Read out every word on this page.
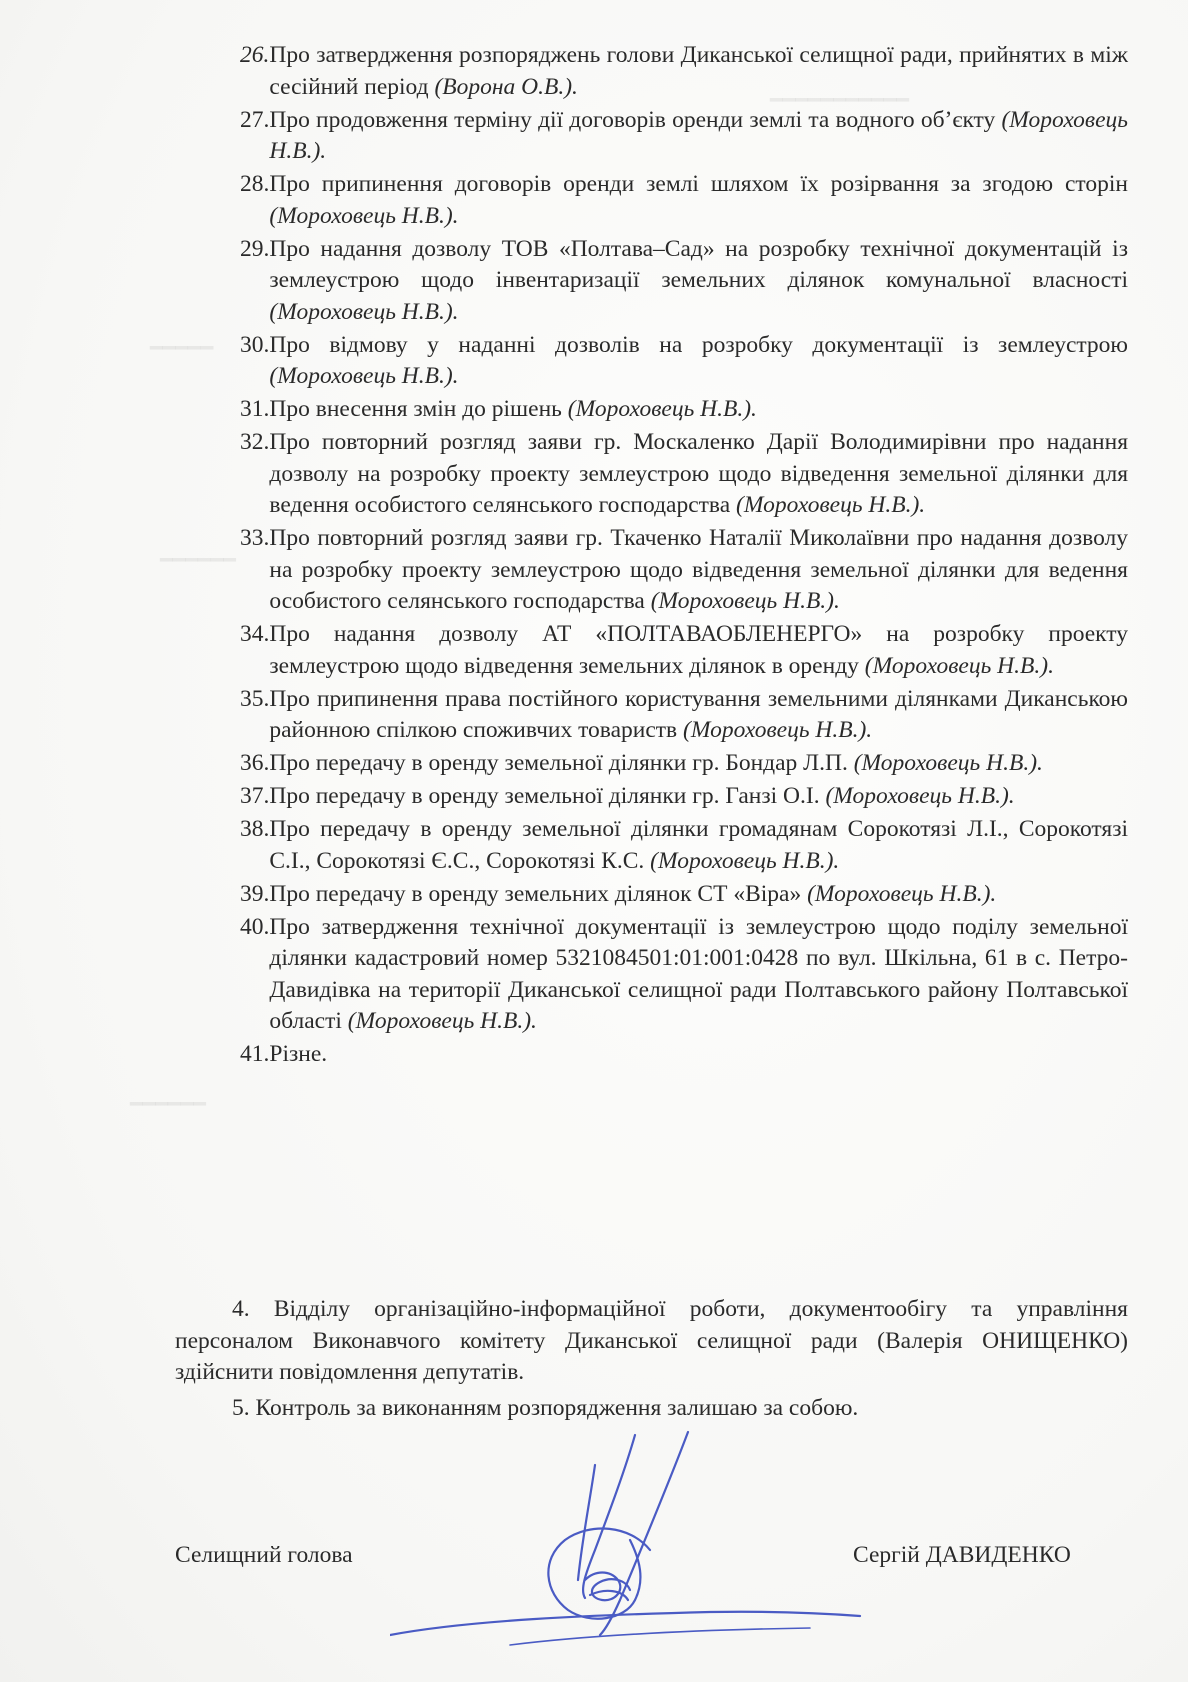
━━━━━━━━━━━
━━━━━
━━━━━━
━━━━━━
26. Про затвердження розпоряджень голови Диканської селищної ради, прийнятих в між сесійний період (Ворона О.В.).
27. Про продовження терміну дії договорів оренди землі та водного об’єкту (Мороховець Н.В.).
28. Про припинення договорів оренди землі шляхом їх розірвання за згодою сторін (Мороховець Н.В.).
29. Про надання дозволу ТОВ «Полтава–Сад» на розробку технічної документацій із землеустрою щодо інвентаризації земельних ділянок комунальної власності (Мороховець Н.В.).
30. Про відмову у наданні дозволів на розробку документації із землеустрою (Мороховець Н.В.).
31. Про внесення змін до рішень (Мороховець Н.В.).
32. Про повторний розгляд заяви гр. Москаленко Дарії Володимирівни про надання дозволу на розробку проекту землеустрою щодо відведення земельної ділянки для ведення особистого селянського господарства (Мороховець Н.В.).
33. Про повторний розгляд заяви гр. Ткаченко Наталії Миколаївни про надання дозволу на розробку проекту землеустрою щодо відведення земельної ділянки для ведення особистого селянського господарства (Мороховець Н.В.).
34. Про надання дозволу АТ «ПОЛТАВАОБЛЕНЕРГО» на розробку проекту землеустрою щодо відведення земельних ділянок в оренду (Мороховець Н.В.).
35. Про припинення права постійного користування земельними ділянками Диканською районною спілкою споживчих товариств (Мороховець Н.В.).
36. Про передачу в оренду земельної ділянки гр. Бондар Л.П. (Мороховець Н.В.).
37. Про передачу в оренду земельної ділянки гр. Ганзі О.І. (Мороховець Н.В.).
38. Про передачу в оренду земельної ділянки громадянам Сорокотязі Л.І., Сорокотязі С.І., Сорокотязі Є.С., Сорокотязі К.С. (Мороховець Н.В.).
39. Про передачу в оренду земельних ділянок СТ «Віра» (Мороховець Н.В.).
40. Про затвердження технічної документації із землеустрою щодо поділу земельної ділянки кадастровий номер 5321084501:01:001:0428 по вул. Шкільна, 61 в с. Петро-Давидівка на території Диканської селищної ради Полтавського району Полтавської області (Мороховець Н.В.).
41. Різне.
4. Відділу організаційно-інформаційної роботи, документообігу та управління персоналом Виконавчого комітету Диканської селищної ради (Валерія ОНИЩЕНКО) здійснити повідомлення депутатів.
5. Контроль за виконанням розпорядження залишаю за собою.
Селищний голова	Сергій ДАВИДЕНКО
